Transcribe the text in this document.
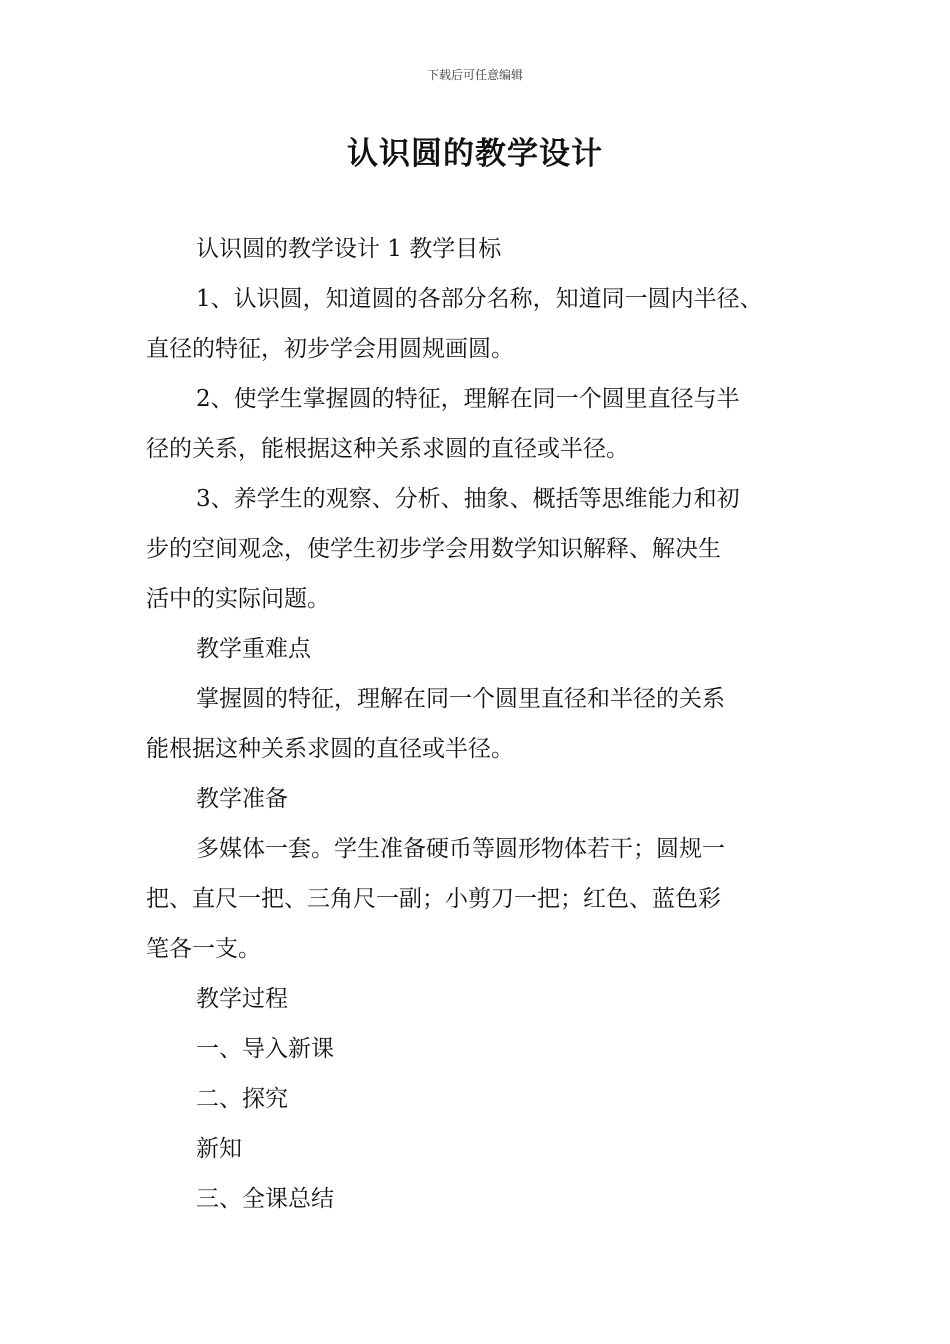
下载后可任意编辑
认识圆的教学设计
认识圆的教学设计 1 教学目标
1、认识圆，知道圆的各部分名称，知道同一圆内半径、
直径的特征，初步学会用圆规画圆。
2、使学生掌握圆的特征，理解在同一个圆里直径与半
径的关系，能根据这种关系求圆的直径或半径。
3、养学生的观察、分析、抽象、概括等思维能力和初
步的空间观念，使学生初步学会用数学知识解释、解决生
活中的实际问题。
教学重难点
掌握圆的特征，理解在同一个圆里直径和半径的关系
能根据这种关系求圆的直径或半径。
教学准备
多媒体一套。学生准备硬币等圆形物体若干；圆规一
把、直尺一把、三角尺一副；小剪刀一把；红色、蓝色彩
笔各一支。
教学过程
一、导入新课
二、探究
新知
三、全课总结
